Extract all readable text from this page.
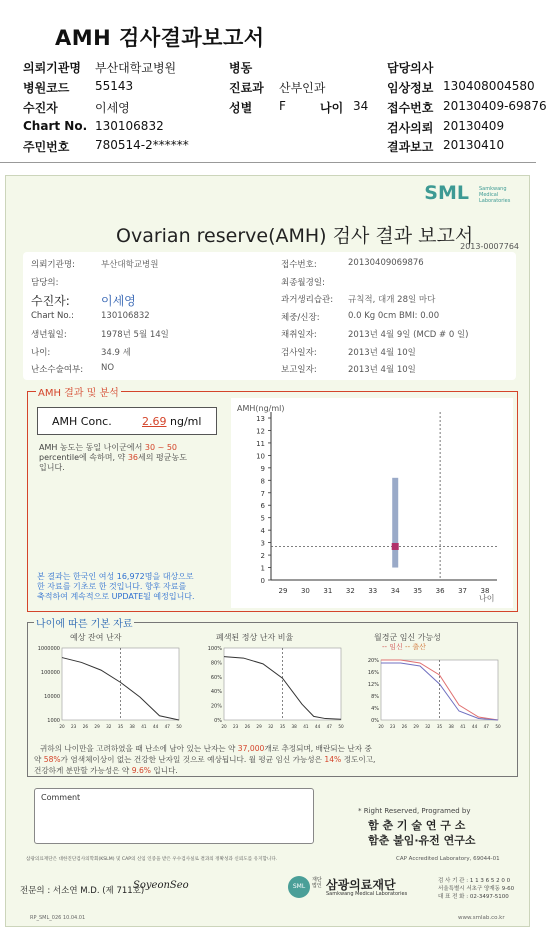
AMH 검사결과보고서
의뢰기관명 부산대학교병원	병동	담당의사
병원코드 55143	진료과 산부인과	임상정보 130408004580
수진자	이세영	성별 F	나이 34 접수번호 20130409-69876
Chart No. 130106832	검사의뢰 20130409
주민번호 780514-2******	결과보고 20130410
SML Samkwang Medical Laboratories
Ovarian reserve(AMH) 검사 결과 보고서
2013-0007764
의뢰기관명:	부산대학교병원
담당의:
수진자:	이세영
Chart No.:	130106832
생년월일:	1978년 5월 14일
나이:	34.9 세
난소수술여부: NO
접수번호:	20130409069876
최종월경일:
과거생리습관: 규칙적, 대개 28일 마다
체중/신장:	0.0 Kg 0cm BMI: 0.00
채취일자:	2013년 4월 9일 (MCD # 0 일)
검사일자:	2013년 4월 10일
보고일자:	2013년 4월 10일
AMH 결과 및 분석
AMH Conc.	2.69 ng/ml
AMH 농도는 동일 나이군에서 30 ~ 50
percentile에 속하며, 약 36세의 평균농도
입니다.
본 결과는 한국인 여성 16,972명을 대상으로
한 자료를 기초로 한 것입니다. 향후 자료를
축적하여 계속적으로 UPDATE될 예정입니다.
AMH(ng/ml)
나이
0
1
2
3
4
5
6
7
8
9
10
11
12
13
29 30 31 32 33 34 35 36 37 38
나이에 따른 기본 자료
예상 잔여 난자	폐색된 정상 난자 비율	월경군 임신 가능성
-- 임신 -- 출산
1000000
100000
10000
1000
20 23 26 29 32 35 38 41 44 47 50
100%
80%
60%
40%
20%
0%
20 23 26 29 32 35 38 41 44 47 50
20%
16%
12%
8%
4%
0%
20 23 26 29 32 35 38 41 44 47 50
귀하의 나이만을 고려하였을 때 난소에 남아 있는 난자는 약 37,000개로 추정되며, 배란되는 난자 중
약 58%가 염색체이상이 없는 건강한 난자일 것으로 예상됩니다. 월 평균 임신 가능성은 14% 정도이고,
건강하게 분만할 가능성은 약 9.6% 입니다.
Comment
* Right Reserved, Programed by
함 춘 기 술 연 구 소
함춘 불임·유전 연구소
삼광의료재단은 대한진단검사의학회(KSLM) 및 CAP의 신임 인증을 받은 우수검사실로 결과의 정확성과 신뢰도를 유지합니다.	CAP Accredited Laboratory, 69044-01
전문의 : 서소연 M.D. (제 711호)
SoyeonSeo	SML
재단법인 삼광의료재단
Samkwang Medical Laboratories
검 사 기 관 : 1 1 3 6 5 2 0 0
서울특별시 서초구 양재동 9-60
대 표 전 화 : 02-3497-5100
RP_SML_026 10.04.01	www.smlab.co.kr
